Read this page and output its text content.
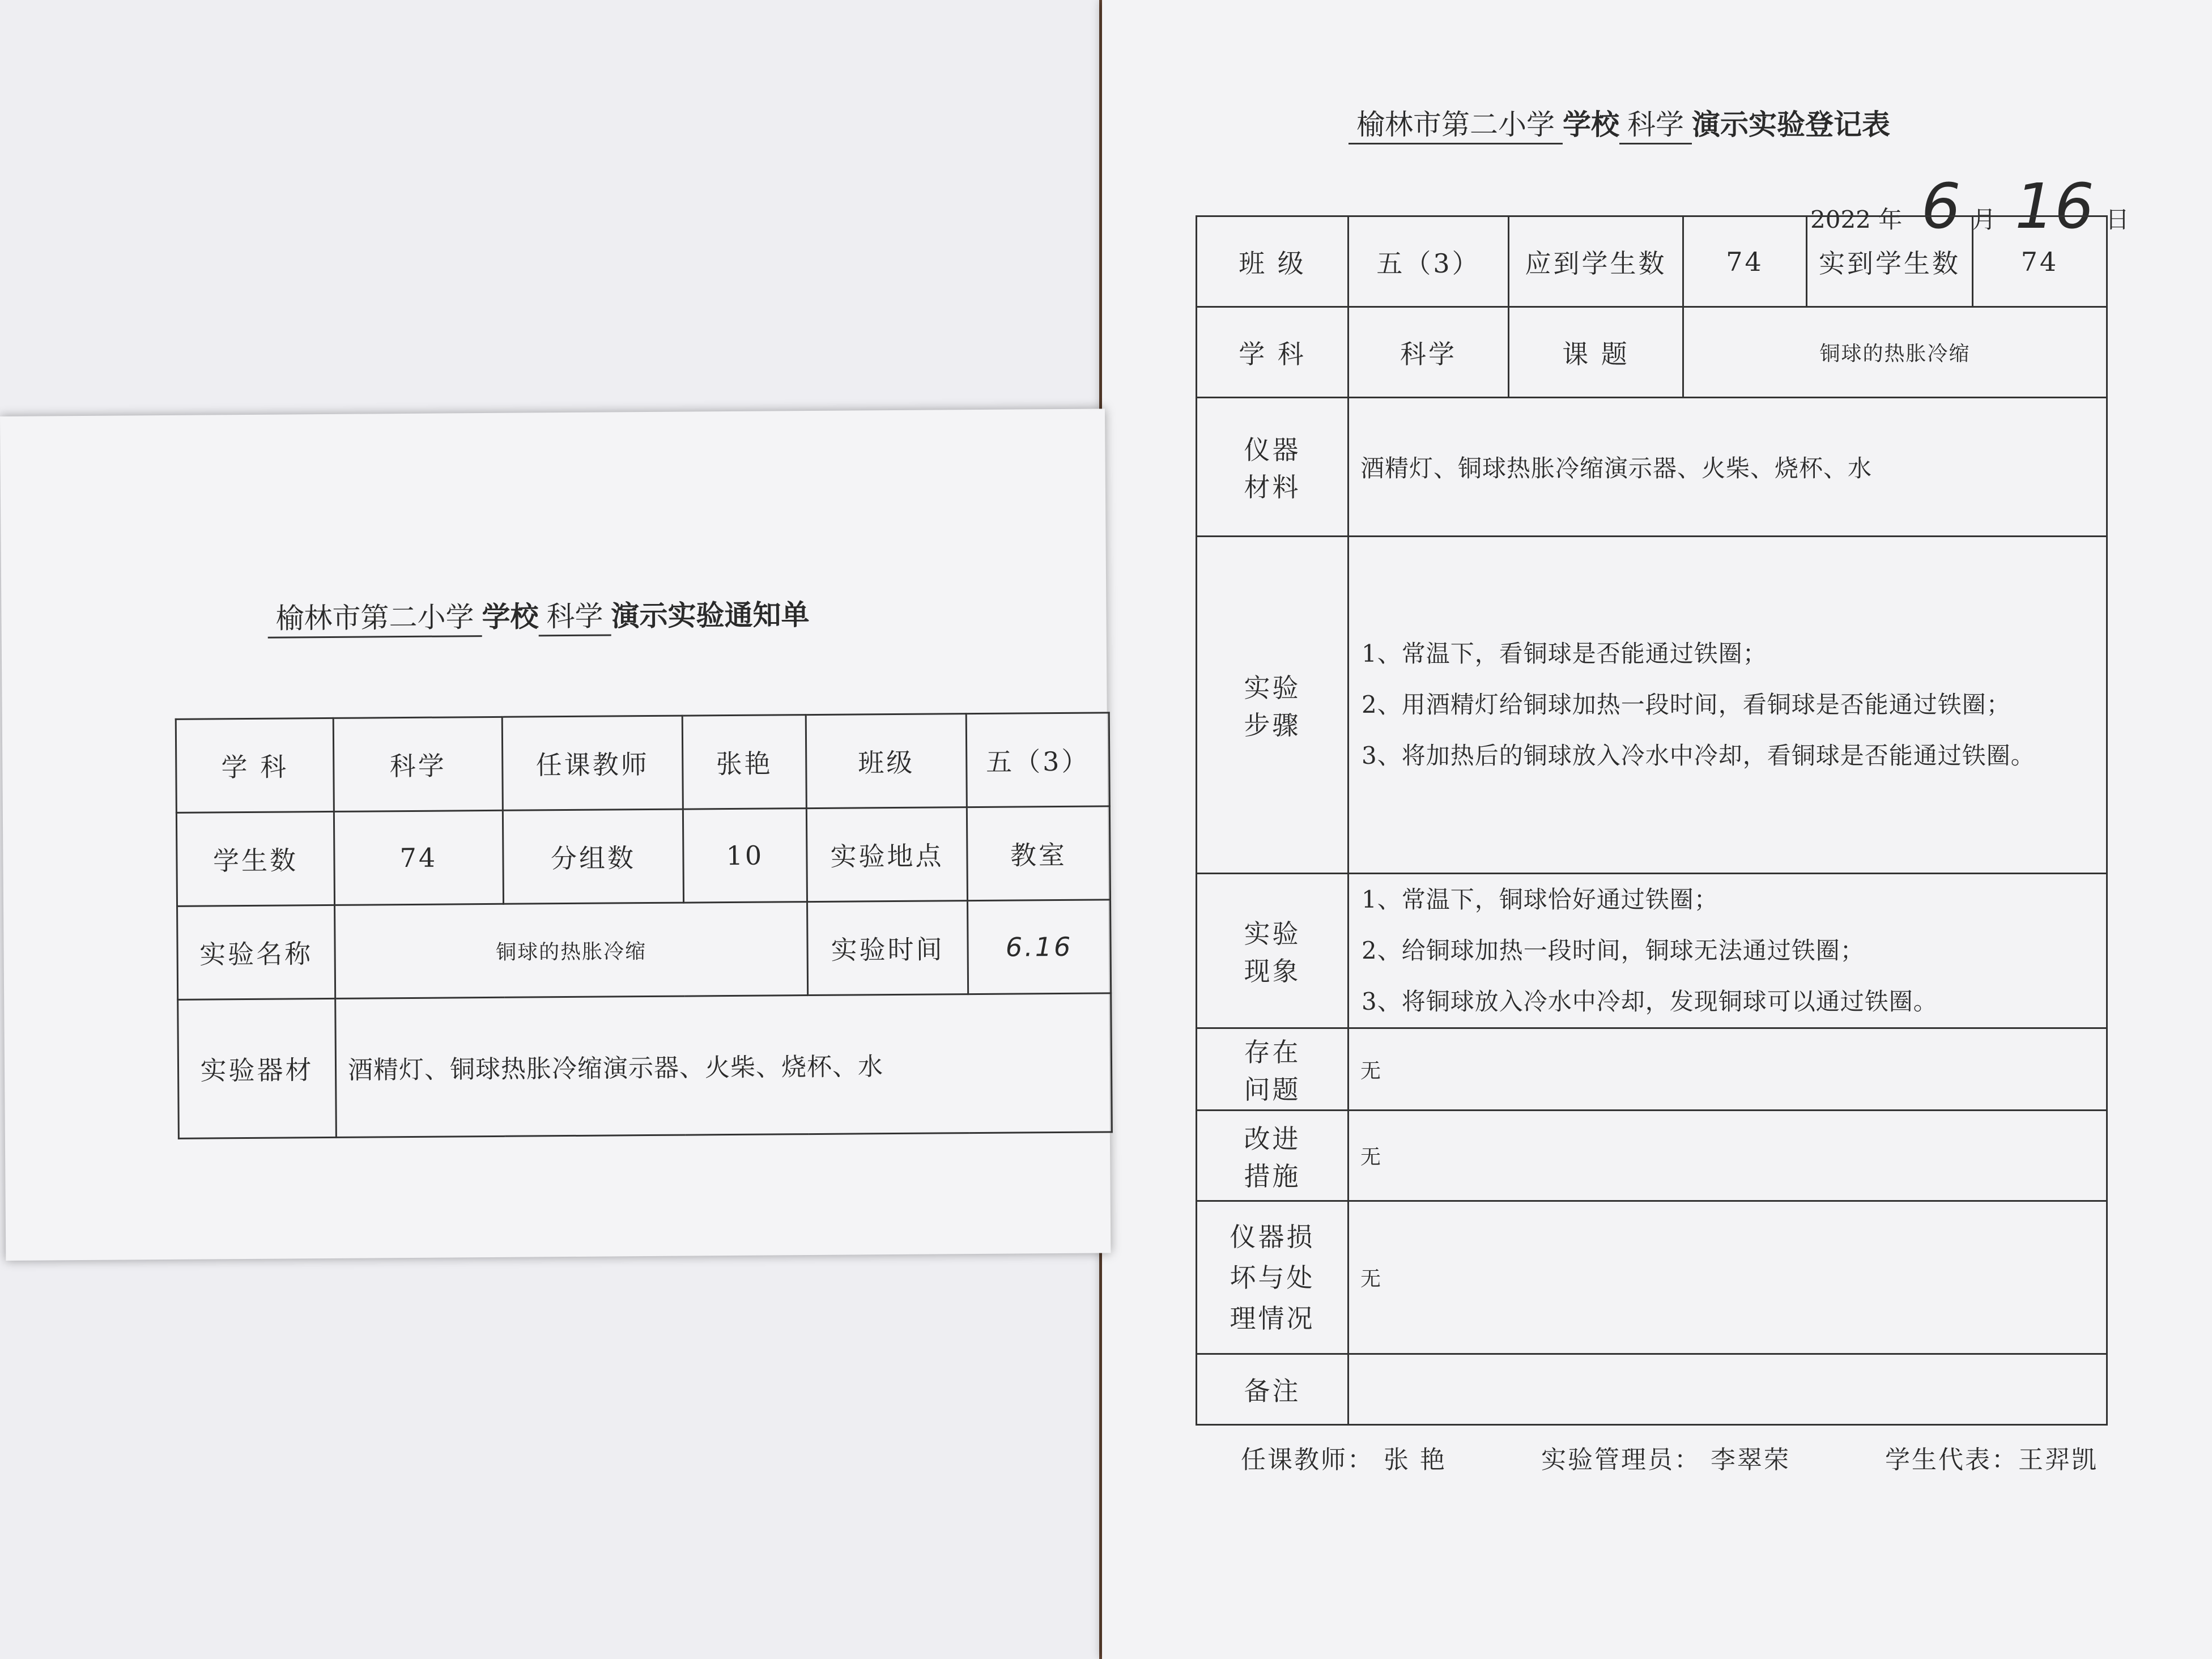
榆林市第二小学 学校 科学 演示实验登记表
2022 年 6 月 16 日
班 级	五（3）	应到学生数	74	实到学生数	74
学 科	科学	课 题	铜球的热胀冷缩		
仪器材料	酒精灯、铜球热胀冷缩演示器、火柴、烧杯、水				
实验步骤	1、常温下，看铜球是否能通过铁圈；
2、用酒精灯给铜球加热一段时间，看铜球是否能通过铁圈；
3、将加热后的铜球放入冷水中冷却，看铜球是否能通过铁圈。				

实验现象	1、常温下，铜球恰好通过铁圈；
2、给铜球加热一段时间，铜球无法通过铁圈；
3、将铜球放入冷水中冷却，发现铜球可以通过铁圈。				

存在问题	无				
改进措施	无				
仪器损坏与处理情况	无				
备注					
任课教师： 张 艳	实验管理员： 李翠荣	学生代表：王羿凯
榆林市第二小学 学校 科学 演示实验通知单
学 科	科学	任课教师	张艳	班级	五（3）
学生数	74	分组数	10	实验地点	教室
实验名称	铜球的热胀冷缩			实验时间	6.16
实验器材	酒精灯、铜球热胀冷缩演示器、火柴、烧杯、水				
